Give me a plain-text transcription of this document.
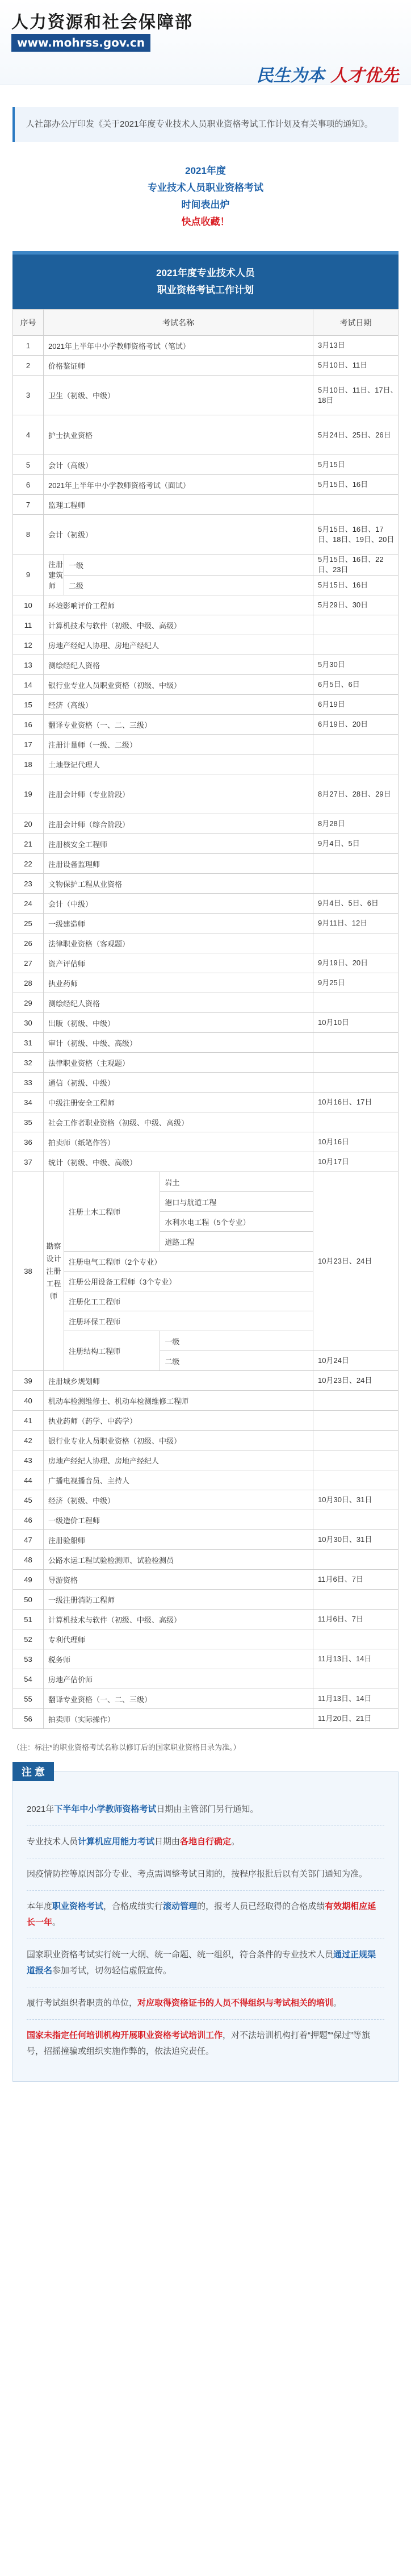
人力资源和社会保障部
www.mohrss.gov.cn
民生为本 人才优先
人社部办公厅印发《关于2021年度专业技术人员职业资格考试工作计划及有关事项的通知》。
2021年度
专业技术人员职业资格考试
时间表出炉
快点收藏！
2021年度专业技术人员
职业资格考试工作计划
序号	考试名称			考试日期
1	2021年上半年中小学教师资格考试（笔试）			3月13日
2	价格鉴证师			5月10日、11日
3	卫生（初级、中级）			5月10日、11日、17日、18日
4	护士执业资格			5月24日、25日、26日
5	会计（高级）			5月15日
6	2021年上半年中小学教师资格考试（面试）			5月15日、16日
7	监理工程师			
8	会计（初级）			5月15日、16日、17日、18日、19日、20日
9	注册建筑师	一级		5月15日、16日、22日、23日
		二级		5月15日、16日
10	环境影响评价工程师			5月29日、30日
11	计算机技术与软件（初级、中级、高级）			
12	房地产经纪人协理、房地产经纪人			
13	测绘经纪人资格			5月30日
14	银行业专业人员职业资格（初级、中级）			6月5日、6日
15	经济（高级）			6月19日
16	翻译专业资格（一、二、三级）			6月19日、20日
17	注册计量师（一级、二级）			
18	土地登记代理人			
19	注册会计师（专业阶段）			8月27日、28日、29日
20	注册会计师（综合阶段）			8月28日
21	注册核安全工程师			9月4日、5日
22	注册设备监理师			
23	文物保护工程从业资格			
24	会计（中级）			9月4日、5日、6日
25	一级建造师			9月11日、12日
26	法律职业资格（客观题）			
27	资产评估师			9月19日、20日
28	执业药师			9月25日
29	测绘经纪人资格			
30	出版（初级、中级）			10月10日
31	审计（初级、中级、高级）			
32	法律职业资格（主观题）			
33	通信（初级、中级）			
34	中级注册安全工程师			10月16日、17日
35	社会工作者职业资格（初级、中级、高级）			
36	拍卖师（纸笔作答）			10月16日
37	统计（初级、中级、高级）			10月17日
38	勘察设计注册工程师	注册土木工程师	岩土	10月23日、24日
			港口与航道工程	
			水利水电工程（5个专业）	
			道路工程	
		注册电气工程师（2个专业）		
		注册公用设备工程师（3个专业）		
		注册化工工程师		
		注册环保工程师		
		注册结构工程师	一级	
			二级	10月24日
39	注册城乡规划师			10月23日、24日
40	机动车检测维修士、机动车检测维修工程师			
41	执业药师（药学、中药学）			
42	银行业专业人员职业资格（初级、中级）			
43	房地产经纪人协理、房地产经纪人			
44	广播电视播音员、主持人			
45	经济（初级、中级）			10月30日、31日
46	一级造价工程师			
47	注册验船师			10月30日、31日
48	公路水运工程试验检测师、试验检测员			
49	导游资格			11月6日、7日
50	一级注册消防工程师			
51	计算机技术与软件（初级、中级、高级）			11月6日、7日
52	专利代理师			
53	税务师			11月13日、14日
54	房地产估价师			
55	翻译专业资格（一、二、三级）			11月13日、14日
56	拍卖师（实际操作）			11月20日、21日
（注：标注*的职业资格考试名称以修订后的国家职业资格目录为准。）
注 意

2021年下半年中小学教师资格考试日期由主管部门另行通知。

专业技术人员计算机应用能力考试日期由各地自行确定。

因疫情防控等原因部分专业、考点需调整考试日期的，按程序报批后以有关部门通知为准。

本年度职业资格考试，合格成绩实行滚动管理的，报考人员已经取得的合格成绩有效期相应延长一年。

国家职业资格考试实行统一大纲、统一命题、统一组织，符合条件的专业技术人员通过正规渠道报名参加考试，切勿轻信虚假宣传。

履行考试组织者职责的单位，对应取得资格证书的人员不得组织与考试相关的培训。

国家未指定任何培训机构开展职业资格考试培训工作，对不法培训机构打着“押题”“保过”等旗号，招摇撞骗或组织实施作弊的，依法追究责任。
